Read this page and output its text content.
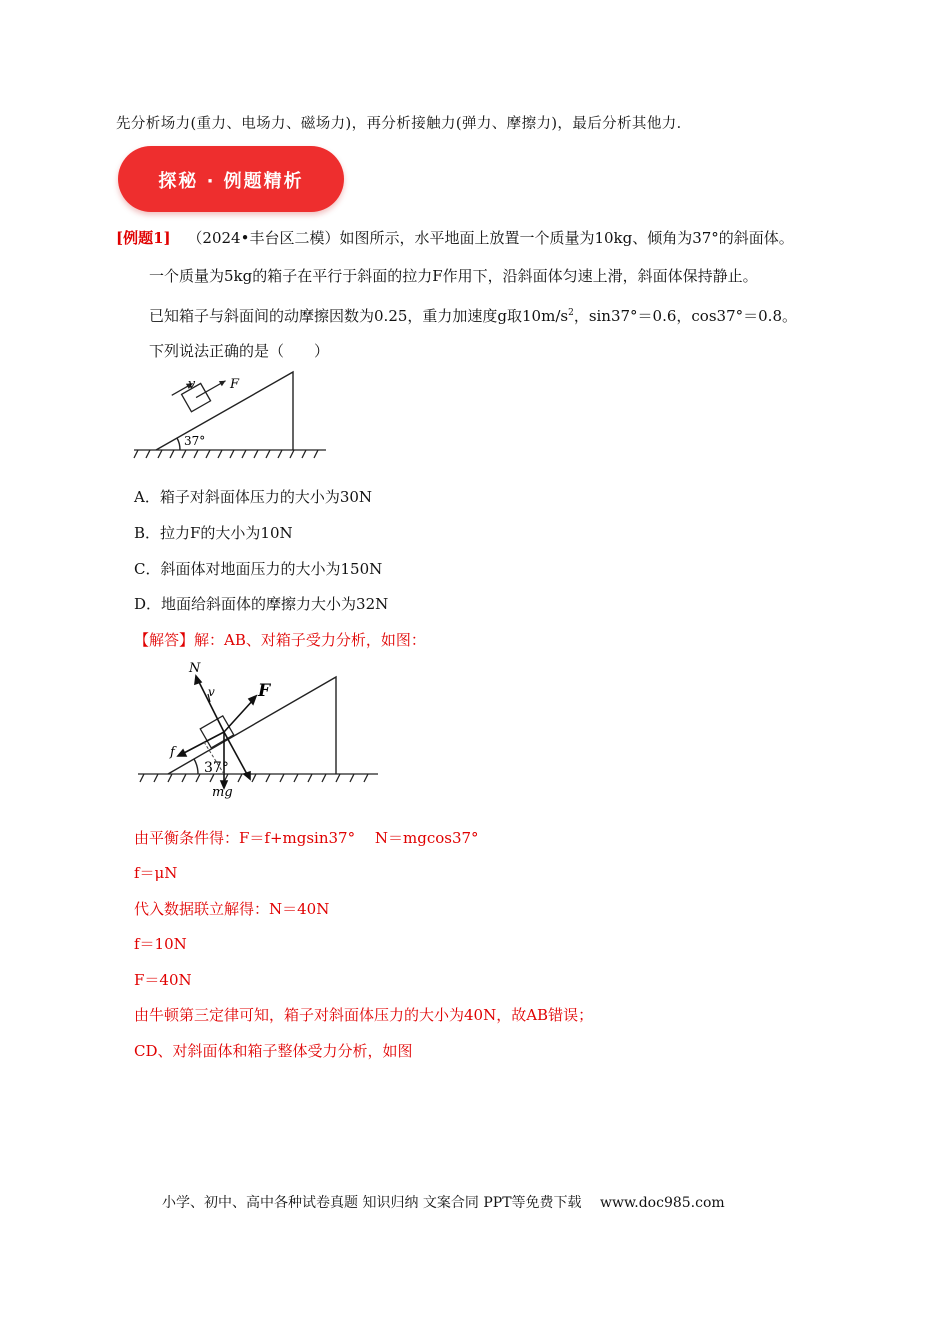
先分析场力(重力、电场力、磁场力)，再分析接触力(弹力、摩擦力)，最后分析其他力．
探秘 · 例题精析
[例题1] （2024•丰台区二模）如图所示，水平地面上放置一个质量为10kg、倾角为37°的斜面体。
一个质量为5kg的箱子在平行于斜面的拉力F作用下，沿斜面体匀速上滑，斜面体保持静止。
已知箱子与斜面间的动摩擦因数为0.25，重力加速度g取$10m/s^2$，sin37°＝0.6，cos37°＝0.8。
下列说法正确的是（　　）
v	F
37°
A．箱子对斜面体压力的大小为30N
B．拉力F的大小为10N
C．斜面体对地面压力的大小为150N
D．地面给斜面体的摩擦力大小为32N
【解答】解：AB、对箱子受力分析，如图：
N
v	F
f
37°
mg
由平衡条件得：F＝f+mgsin37°　 N＝mgcos37°
f＝μN
代入数据联立解得：N＝40N
f＝10N
F＝40N
由牛顿第三定律可知，箱子对斜面体压力的大小为40N，故AB错误；
CD、对斜面体和箱子整体受力分析，如图
小学、初中、高中各种试卷真题 知识归纳 文案合同 PPT等免费下载　 www.doc985.com
